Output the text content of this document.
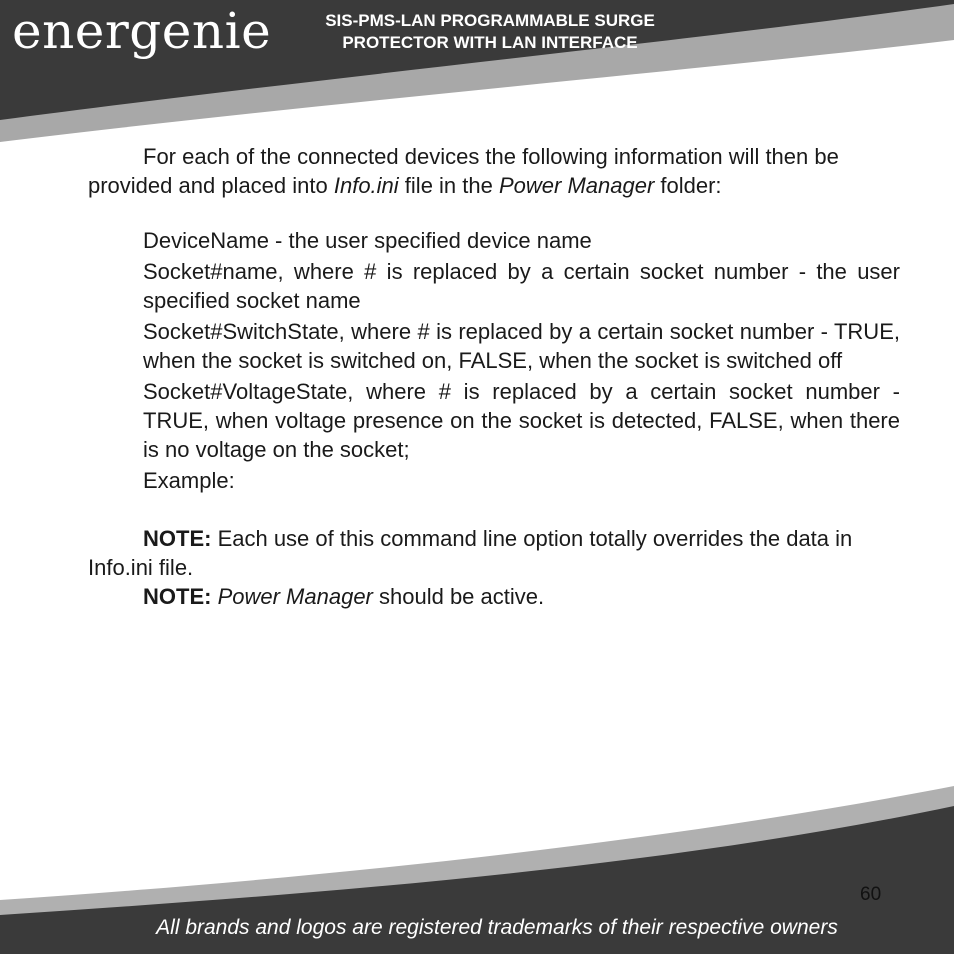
energenie	SIS-PMS-LAN PROGRAMMABLE SURGE
PROTECTOR WITH LAN INTERFACE

For each of the connected devices the following information will then be provided and placed into Info.ini file in the Power Manager folder:

DeviceName - the user specified device name
Socket#name, where # is replaced by a certain socket number - the user specified socket name
Socket#SwitchState, where # is replaced by a certain socket number - TRUE, when the socket is switched on, FALSE, when the socket is switched off
Socket#VoltageState, where # is replaced by a certain socket number - TRUE, when voltage presence on the socket is detected, FALSE, when there is no voltage on the socket;

Example:

NOTE: Each use of this command line option totally overrides the data in Info.ini file.

NOTE: Power Manager should be active.

60
All brands and logos are registered trademarks of their respective owners
